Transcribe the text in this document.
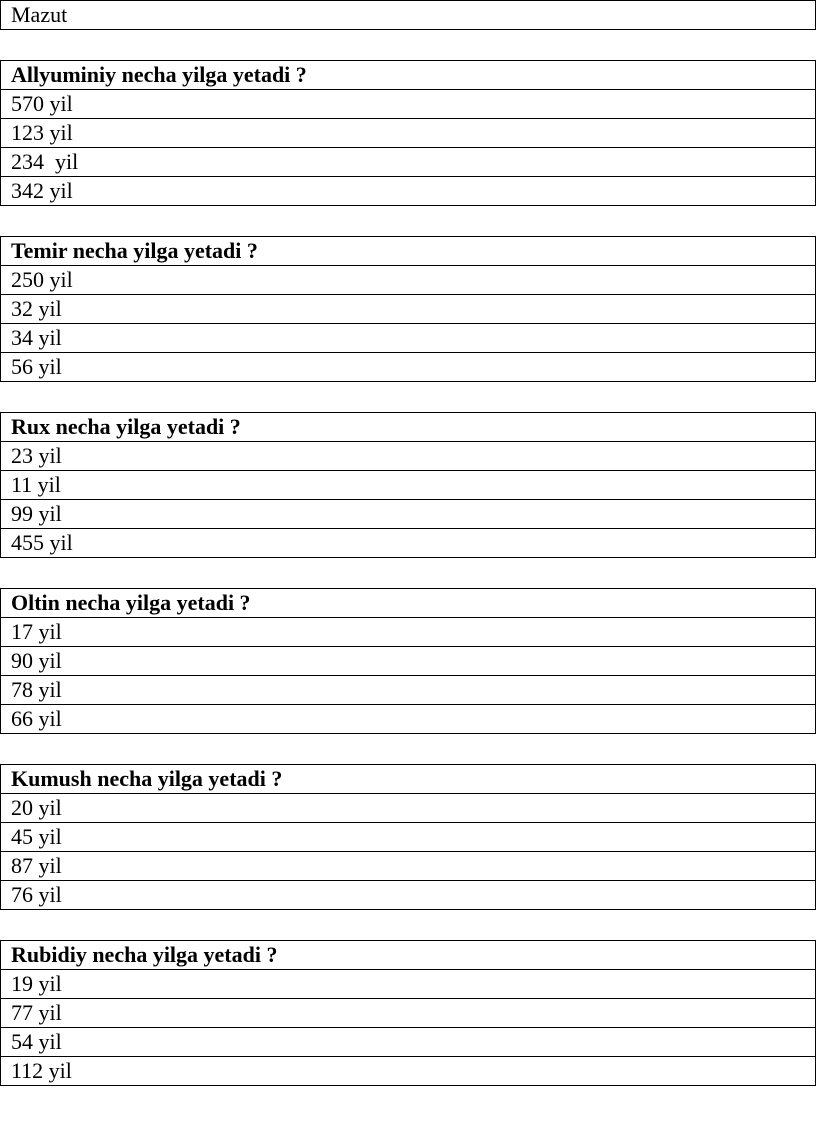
Mazut
Allyuminiy necha yilga yetadi ?
570 yil
123 yil
234  yil
342 yil
Temir necha yilga yetadi ?
250 yil
32 yil
34 yil
56 yil
Rux necha yilga yetadi ?
23 yil
11 yil
99 yil
455 yil
Oltin necha yilga yetadi ?
17 yil
90 yil
78 yil
66 yil
Kumush necha yilga yetadi ?
20 yil
45 yil
87 yil
76 yil
Rubidiy necha yilga yetadi ?
19 yil
77 yil
54 yil
112 yil
